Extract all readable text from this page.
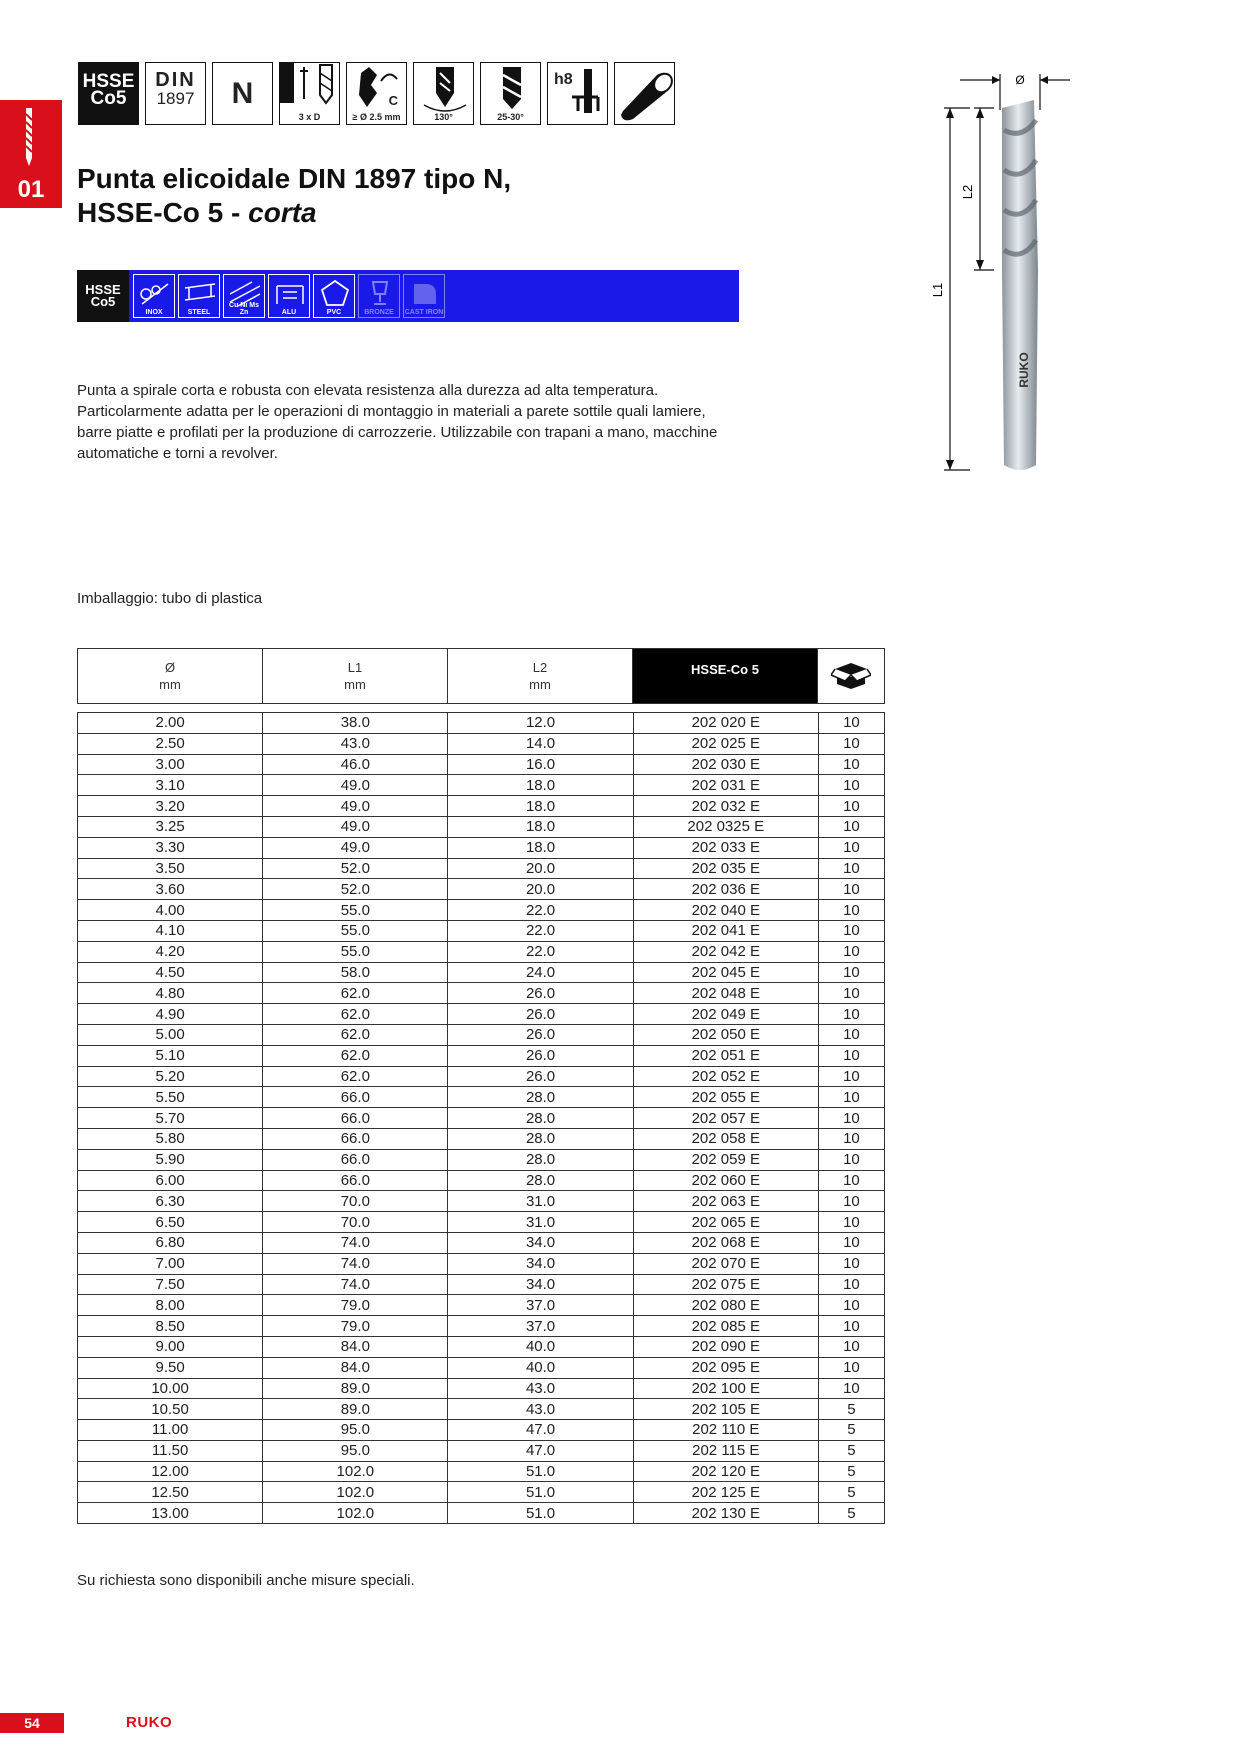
01
HSSE
Co5
DIN
1897	N
3 x D
C
≥ Ø 2.5 mm	130°	25-30°
h8
Punta elicoidale DIN 1897 tipo N,
HSSE-Co 5 - corta
HSSE
Co5
INOX	STEEL
Cu Ni Ms Zn	ALU	PVC	BRONZE	CAST IRON
Punta a spirale corta e robusta con elevata resistenza alla durezza ad alta temperatura.
Particolarmente adatta per le operazioni di montaggio in materiali a parete sottile quali lamiere,
barre piatte e profilati per la produzione di carrozzerie. Utilizzabile con trapani a mano, macchine
automatiche e torni a revolver.
Imballaggio: tubo di plastica
Ø
L2
L1
RUKO
Ø
mm
L1
mm
L2
mm
HSSE-Co 5
2.00	38.0	12.0	202 020 E	10
2.50	43.0	14.0	202 025 E	10
3.00	46.0	16.0	202 030 E	10
3.10	49.0	18.0	202 031 E	10
3.20	49.0	18.0	202 032 E	10
3.25	49.0	18.0	202 0325 E	10
3.30	49.0	18.0	202 033 E	10
3.50	52.0	20.0	202 035 E	10
3.60	52.0	20.0	202 036 E	10
4.00	55.0	22.0	202 040 E	10
4.10	55.0	22.0	202 041 E	10
4.20	55.0	22.0	202 042 E	10
4.50	58.0	24.0	202 045 E	10
4.80	62.0	26.0	202 048 E	10
4.90	62.0	26.0	202 049 E	10
5.00	62.0	26.0	202 050 E	10
5.10	62.0	26.0	202 051 E	10
5.20	62.0	26.0	202 052 E	10
5.50	66.0	28.0	202 055 E	10
5.70	66.0	28.0	202 057 E	10
5.80	66.0	28.0	202 058 E	10
5.90	66.0	28.0	202 059 E	10
6.00	66.0	28.0	202 060 E	10
6.30	70.0	31.0	202 063 E	10
6.50	70.0	31.0	202 065 E	10
6.80	74.0	34.0	202 068 E	10
7.00	74.0	34.0	202 070 E	10
7.50	74.0	34.0	202 075 E	10
8.00	79.0	37.0	202 080 E	10
8.50	79.0	37.0	202 085 E	10
9.00	84.0	40.0	202 090 E	10
9.50	84.0	40.0	202 095 E	10
10.00	89.0	43.0	202 100 E	10
10.50	89.0	43.0	202 105 E	5
11.00	95.0	47.0	202 110 E	5
11.50	95.0	47.0	202 115 E	5
12.00	102.0	51.0	202 120 E	5
12.50	102.0	51.0	202 125 E	5
13.00	102.0	51.0	202 130 E	5
Su richiesta sono disponibili anche misure speciali.
54	RUKO
